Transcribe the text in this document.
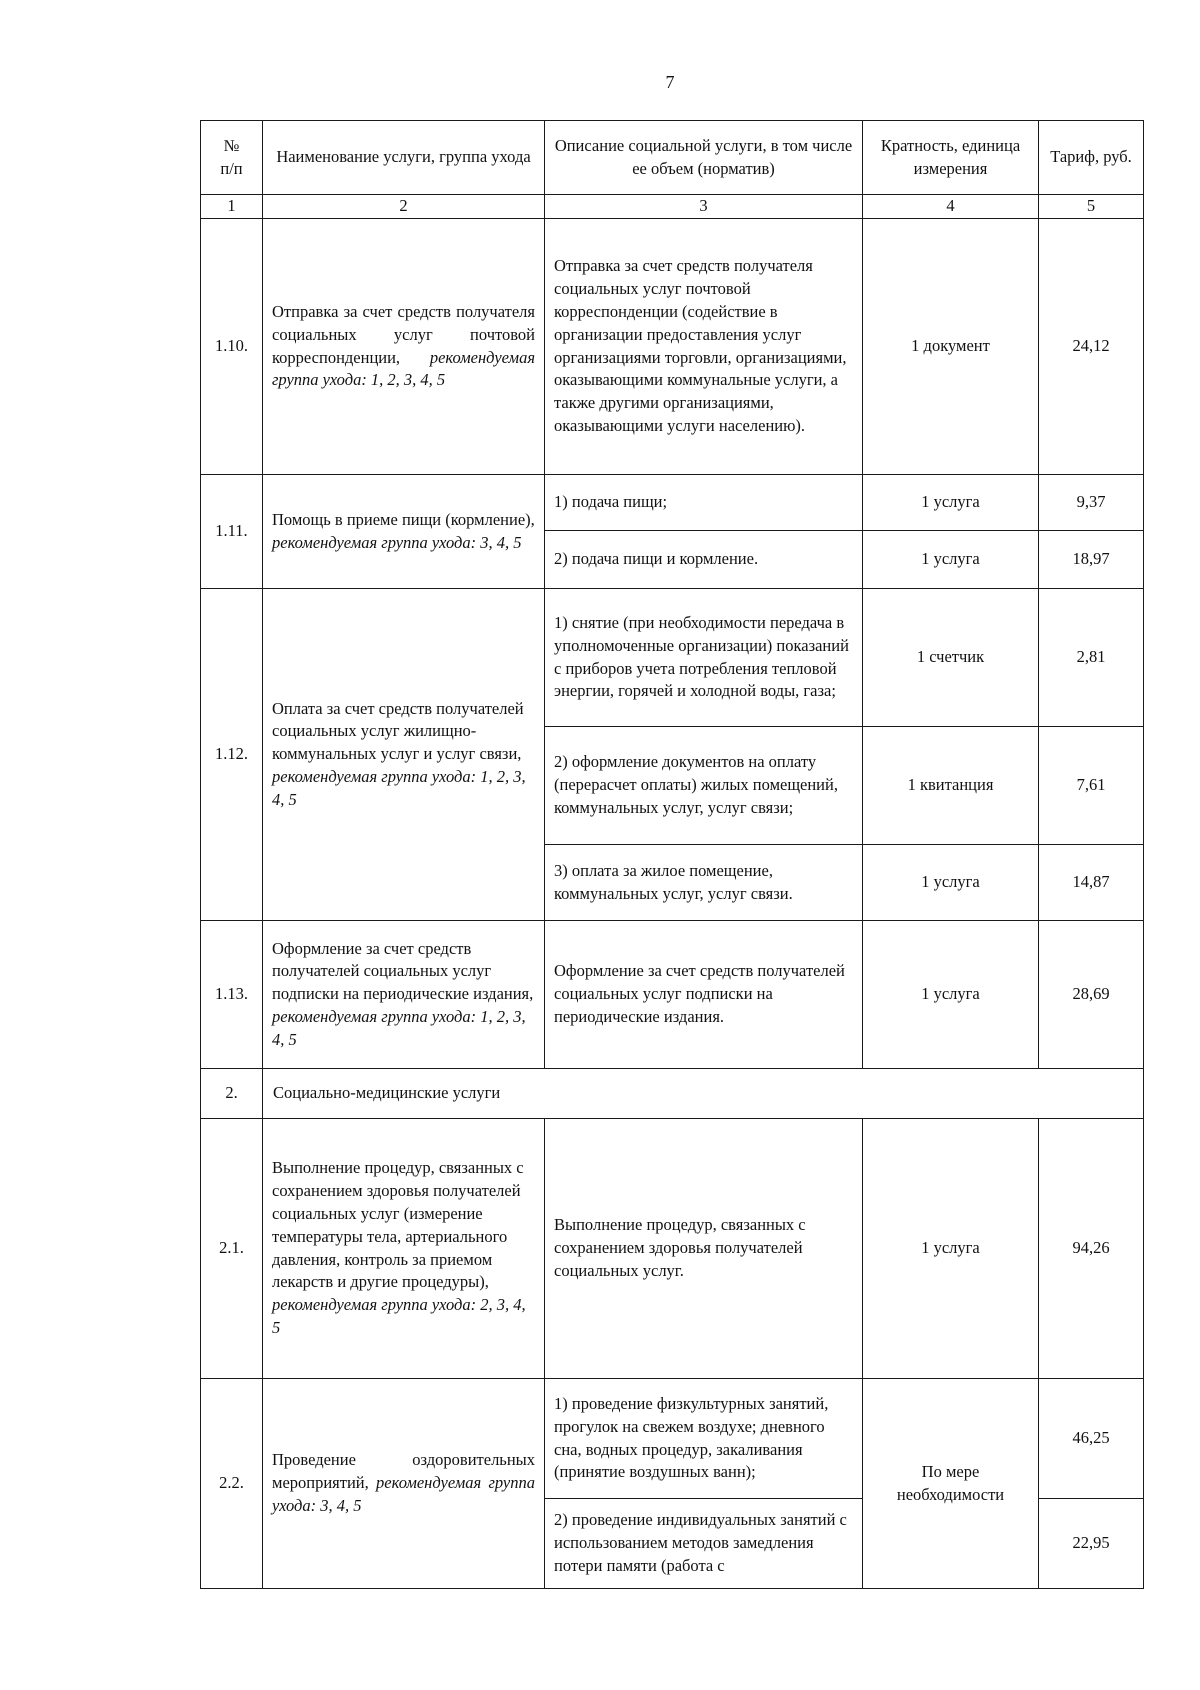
7
№
п/п	Наименование услуги, группа ухода	Описание социальной услуги, в том числе ее объем (норматив)	Кратность, единица измерения	Тариф, руб.
1	2	3	4	5
1.10.	Отправка за счет средств получателя социальных услуг почтовой корреспонденции, рекомендуемая группа ухода: 1, 2, 3, 4, 5	Отправка за счет средств получателя социальных услуг почтовой корреспонденции (содействие в организации предоставления услуг организациями торговли, организациями, оказывающими коммунальные услуги, а также другими организациями, оказывающими услуги населению).	1 документ	24,12
1.11.	Помощь в приеме пищи (кормление), рекомендуемая группа ухода: 3, 4, 5	1) подача пищи;	1 услуга	9,37
		2) подача пищи и кормление.	1 услуга	18,97
1.12.	Оплата за счет средств получателей социальных услуг жилищно-коммунальных услуг и услуг связи, рекомендуемая группа ухода: 1, 2, 3, 4, 5	1) снятие (при необходимости передача в уполномоченные организации) показаний с приборов учета потребления тепловой энергии, горячей и холодной воды, газа;	1 счетчик	2,81
		2) оформление документов на оплату (перерасчет оплаты) жилых помещений, коммунальных услуг, услуг связи;	1 квитанция	7,61
		3) оплата за жилое помещение, коммунальных услуг, услуг связи.	1 услуга	14,87
1.13.	Оформление за счет средств получателей социальных услуг подписки на периодические издания, рекомендуемая группа ухода: 1, 2, 3, 4, 5	Оформление за счет средств получателей социальных услуг подписки на периодические издания.	1 услуга	28,69
2.	Социально-медицинские услуги			
2.1.	Выполнение процедур, связанных с сохранением здоровья получателей социальных услуг (измерение температуры тела, артериального давления, контроль за приемом лекарств и другие процедуры), рекомендуемая группа ухода: 2, 3, 4, 5	Выполнение процедур, связанных с сохранением здоровья получателей социальных услуг.	1 услуга	94,26
2.2.	Проведение оздоровительных мероприятий, рекомендуемая группа ухода: 3, 4, 5	1) проведение физкультурных занятий, прогулок на свежем воздухе; дневного сна, водных процедур, закаливания (принятие воздушных ванн);	По мере необходимости	46,25
		2) проведение индивидуальных занятий с использованием методов замедления потери памяти (работа с		22,95
